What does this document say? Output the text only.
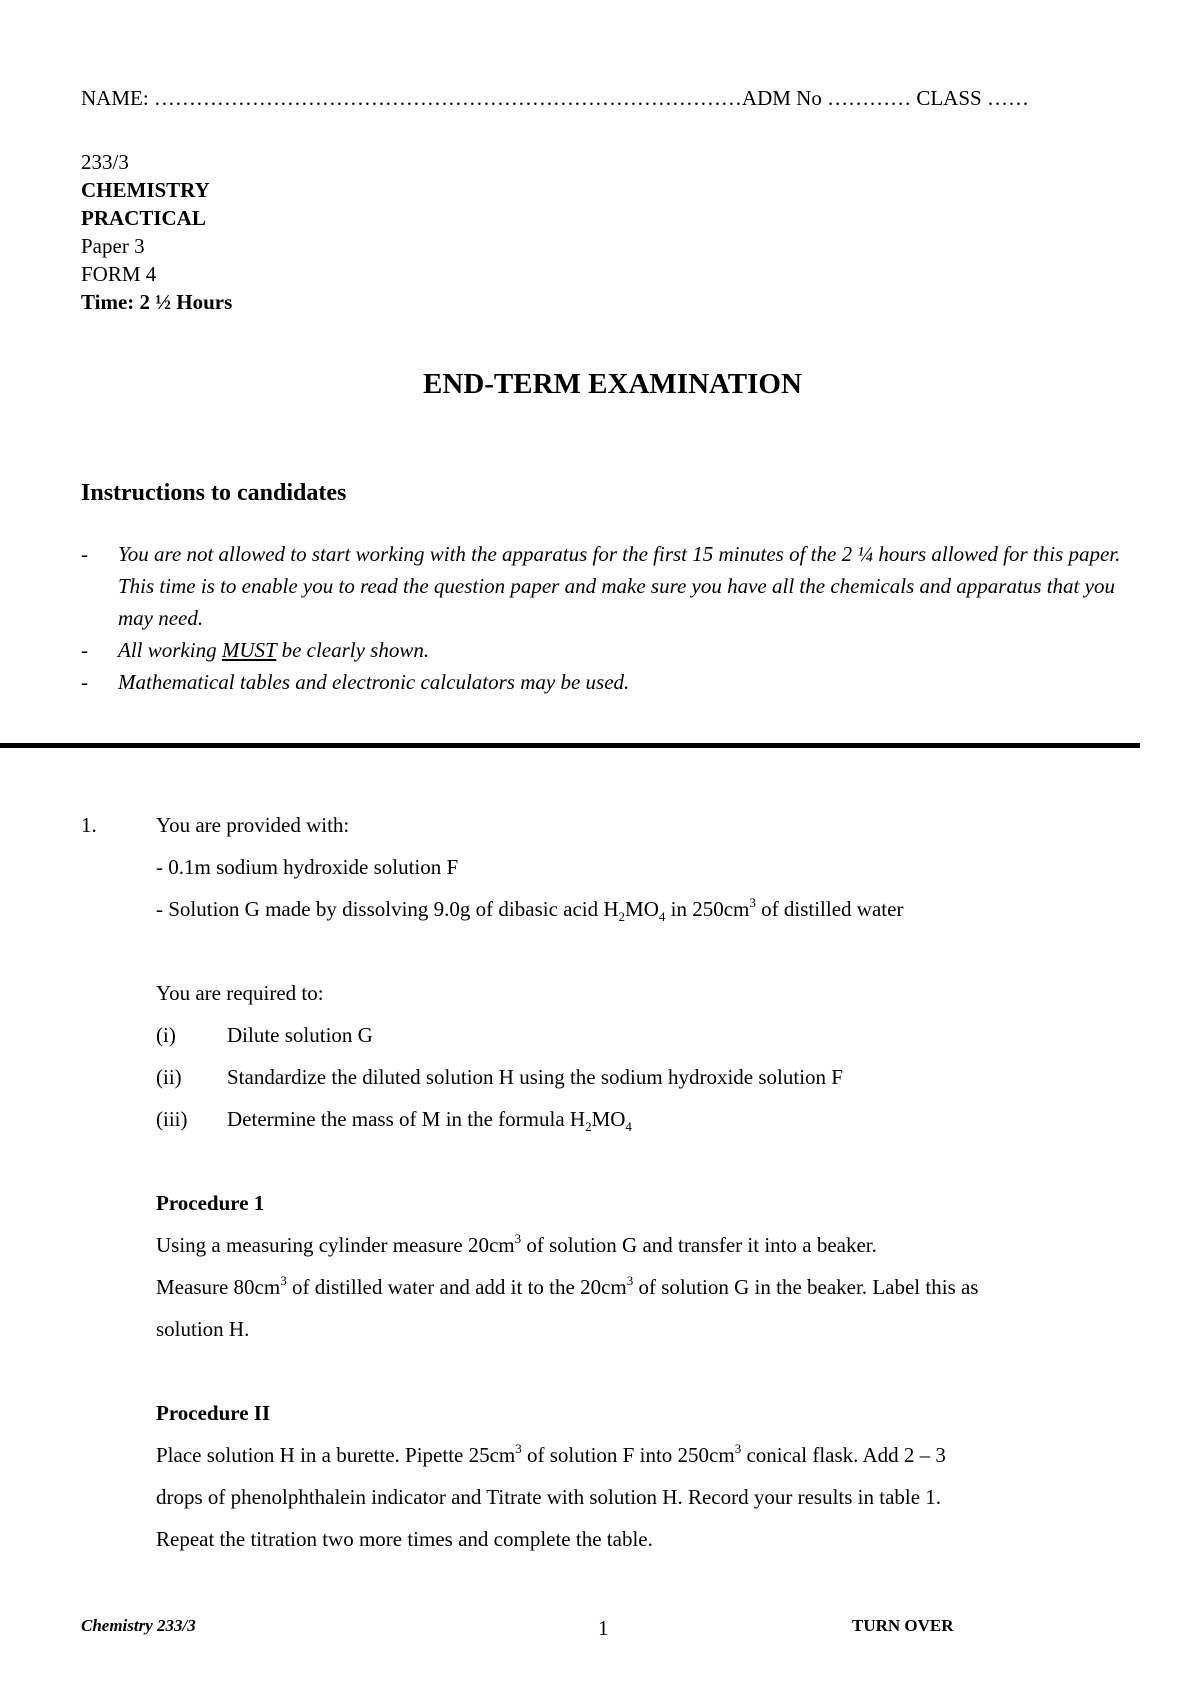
NAME: …………………………………………………………………………ADM No ………… CLASS ……
233/3
CHEMISTRY
PRACTICAL
Paper 3
FORM 4
Time: 2 ½ Hours
END-TERM EXAMINATION
Instructions to candidates
- You are not allowed to start working with the apparatus for the first 15 minutes of the 2 ¼ hours allowed for this paper. This time is to enable you to read the question paper and make sure you have all the chemicals and apparatus that you may need.
- All working MUST be clearly shown.
- Mathematical tables and electronic calculators may be used.
1.	You are provided with:
- 0.1m sodium hydroxide solution F
- Solution G made by dissolving 9.0g of dibasic acid $H_2MO_4$ in $250cm^3$ of distilled water
You are required to:
(i) Dilute solution G
(ii) Standardize the diluted solution H using the sodium hydroxide solution F
(iii) Determine the mass of M in the formula $H_2MO_4$
Procedure 1
Using a measuring cylinder measure $20cm^3$ of solution G and transfer it into a beaker.
Measure $80cm^3$ of distilled water and add it to the $20cm^3$ of solution G in the beaker. Label this as
solution H.
Procedure II
Place solution H in a burette. Pipette $25cm^3$ of solution F into $250cm^3$ conical flask. Add 2 – 3
drops of phenolphthalein indicator and Titrate with solution H. Record your results in table 1.
Repeat the titration two more times and complete the table.
Chemistry 233/3	1	TURN OVER
